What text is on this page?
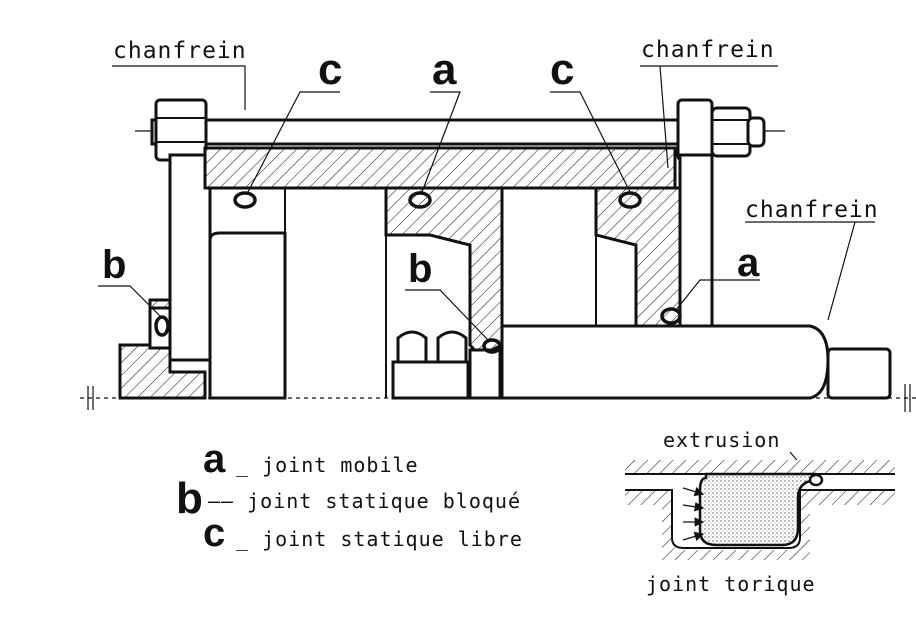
chanfrein	chanfrein
chanfrein
c a c
b	b	a
a _ joint mobile
b —— joint statique bloqué
c _ joint statique libre
extrusion
joint torique
